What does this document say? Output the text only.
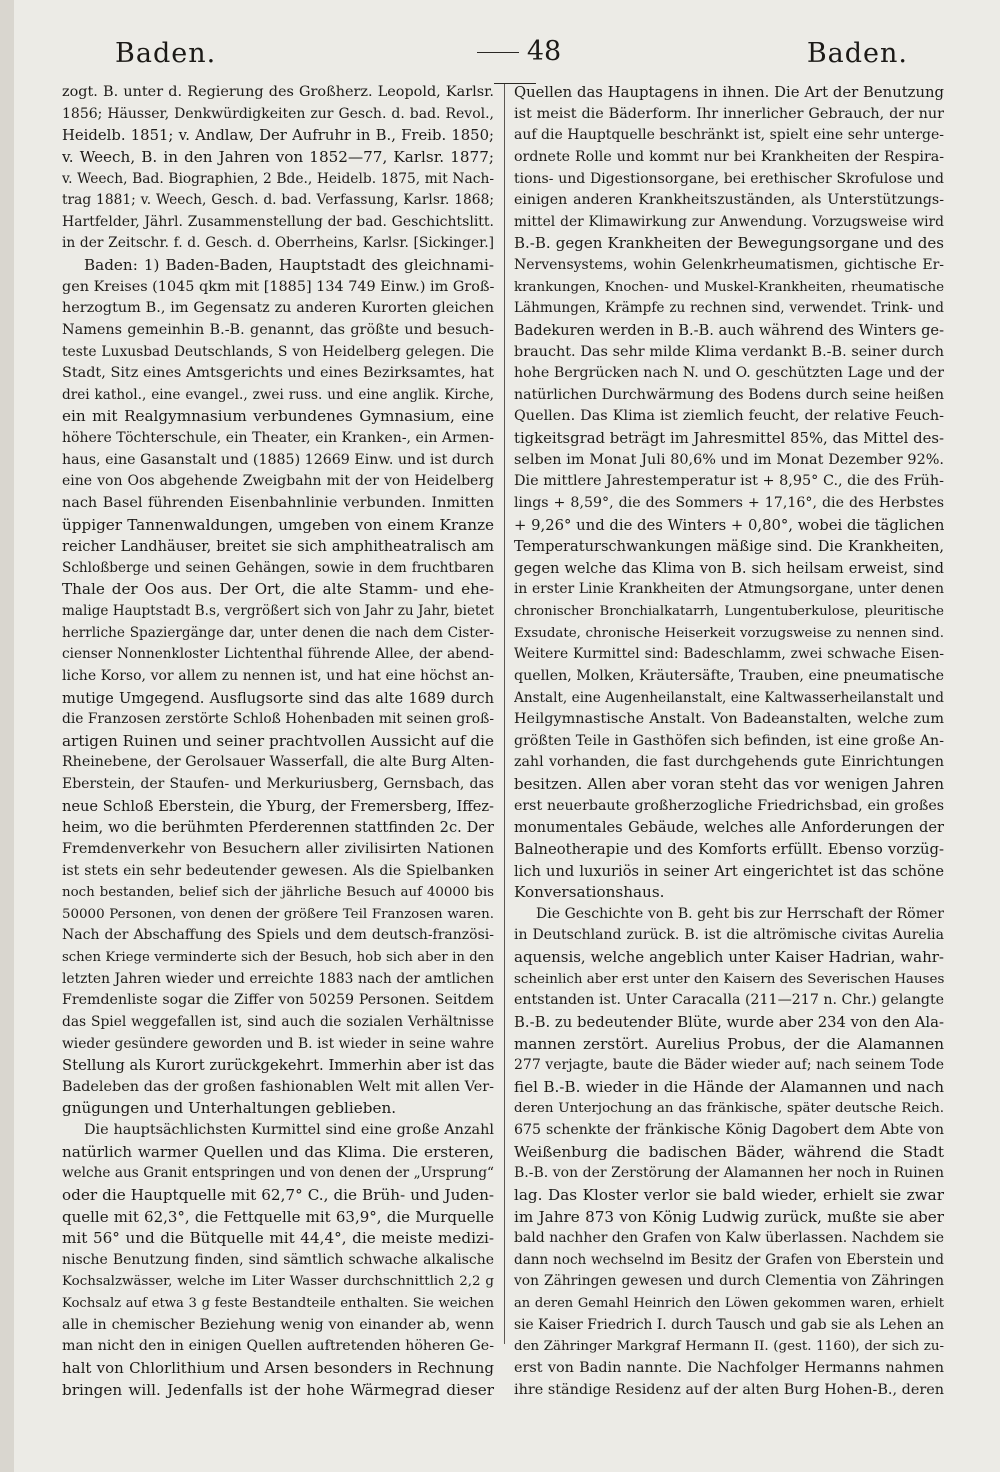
Baden.	48	Baden.
zogt. B. unter d. Regierung des Großherz. Leopold, Karlsr.
1856; Häusser, Denkwürdigkeiten zur Gesch. d. bad. Revol.,
Heidelb. 1851; v. Andlaw, Der Aufruhr in B., Freib. 1850;
v. Weech, B. in den Jahren von 1852—77, Karlsr. 1877;
v. Weech, Bad. Biographien, 2 Bde., Heidelb. 1875, mit Nach-
trag 1881; v. Weech, Gesch. d. bad. Verfassung, Karlsr. 1868;
Hartfelder, Jährl. Zusammenstellung der bad. Geschichtslitt.
in der Zeitschr. f. d. Gesch. d. Oberrheins, Karlsr. [Sickinger.]
Baden: 1) Baden-Baden, Hauptstadt des gleichnami-
gen Kreises (1045 qkm mit [1885] 134 749 Einw.) im Groß-
herzogtum B., im Gegensatz zu anderen Kurorten gleichen
Namens gemeinhin B.-B. genannt, das größte und besuch-
teste Luxusbad Deutschlands, S von Heidelberg gelegen. Die
Stadt, Sitz eines Amtsgerichts und eines Bezirksamtes, hat
drei kathol., eine evangel., zwei russ. und eine anglik. Kirche,
ein mit Realgymnasium verbundenes Gymnasium, eine
höhere Töchterschule, ein Theater, ein Kranken-, ein Armen-
haus, eine Gasanstalt und (1885) 12669 Einw. und ist durch
eine von Oos abgehende Zweigbahn mit der von Heidelberg
nach Basel führenden Eisenbahnlinie verbunden. Inmitten
üppiger Tannenwaldungen, umgeben von einem Kranze
reicher Landhäuser, breitet sie sich amphitheatralisch am
Schloßberge und seinen Gehängen, sowie in dem fruchtbaren
Thale der Oos aus. Der Ort, die alte Stamm- und ehe-
malige Hauptstadt B.s, vergrößert sich von Jahr zu Jahr, bietet
herrliche Spaziergänge dar, unter denen die nach dem Cister-
cienser Nonnenkloster Lichtenthal führende Allee, der abend-
liche Korso, vor allem zu nennen ist, und hat eine höchst an-
mutige Umgegend. Ausflugsorte sind das alte 1689 durch
die Franzosen zerstörte Schloß Hohenbaden mit seinen groß-
artigen Ruinen und seiner prachtvollen Aussicht auf die
Rheinebene, der Gerolsauer Wasserfall, die alte Burg Alten-
Eberstein, der Staufen- und Merkuriusberg, Gernsbach, das
neue Schloß Eberstein, die Yburg, der Fremersberg, Iffez-
heim, wo die berühmten Pferderennen stattfinden 2c. Der
Fremdenverkehr von Besuchern aller zivilisirten Nationen
ist stets ein sehr bedeutender gewesen. Als die Spielbanken
noch bestanden, belief sich der jährliche Besuch auf 40000 bis
50000 Personen, von denen der größere Teil Franzosen waren.
Nach der Abschaffung des Spiels und dem deutsch-französi-
schen Kriege verminderte sich der Besuch, hob sich aber in den
letzten Jahren wieder und erreichte 1883 nach der amtlichen
Fremdenliste sogar die Ziffer von 50259 Personen. Seitdem
das Spiel weggefallen ist, sind auch die sozialen Verhältnisse
wieder gesündere geworden und B. ist wieder in seine wahre
Stellung als Kurort zurückgekehrt. Immerhin aber ist das
Badeleben das der großen fashionablen Welt mit allen Ver-
gnügungen und Unterhaltungen geblieben.
Die hauptsächlichsten Kurmittel sind eine große Anzahl
natürlich warmer Quellen und das Klima. Die ersteren,
welche aus Granit entspringen und von denen der „Ursprung“
oder die Hauptquelle mit 62,7° C., die Brüh- und Juden-
quelle mit 62,3°, die Fettquelle mit 63,9°, die Murquelle
mit 56° und die Bütquelle mit 44,4°, die meiste medizi-
nische Benutzung finden, sind sämtlich schwache alkalische
Kochsalzwässer, welche im Liter Wasser durchschnittlich 2,2 g
Kochsalz auf etwa 3 g feste Bestandteile enthalten. Sie weichen
alle in chemischer Beziehung wenig von einander ab, wenn
man nicht den in einigen Quellen auftretenden höheren Ge-
halt von Chlorlithium und Arsen besonders in Rechnung
bringen will. Jedenfalls ist der hohe Wärmegrad dieser
Quellen das Hauptagens in ihnen. Die Art der Benutzung
ist meist die Bäderform. Ihr innerlicher Gebrauch, der nur
auf die Hauptquelle beschränkt ist, spielt eine sehr unterge-
ordnete Rolle und kommt nur bei Krankheiten der Respira-
tions- und Digestionsorgane, bei erethischer Skrofulose und
einigen anderen Krankheitszuständen, als Unterstützungs-
mittel der Klimawirkung zur Anwendung. Vorzugsweise wird
B.-B. gegen Krankheiten der Bewegungsorgane und des
Nervensystems, wohin Gelenkrheumatismen, gichtische Er-
krankungen, Knochen- und Muskel-Krankheiten, rheumatische
Lähmungen, Krämpfe zu rechnen sind, verwendet. Trink- und
Badekuren werden in B.-B. auch während des Winters ge-
braucht. Das sehr milde Klima verdankt B.-B. seiner durch
hohe Bergrücken nach N. und O. geschützten Lage und der
natürlichen Durchwärmung des Bodens durch seine heißen
Quellen. Das Klima ist ziemlich feucht, der relative Feuch-
tigkeitsgrad beträgt im Jahresmittel 85%, das Mittel des-
selben im Monat Juli 80,6% und im Monat Dezember 92%.
Die mittlere Jahrestemperatur ist + 8,95° C., die des Früh-
lings + 8,59°, die des Sommers + 17,16°, die des Herbstes
+ 9,26° und die des Winters + 0,80°, wobei die täglichen
Temperaturschwankungen mäßige sind. Die Krankheiten,
gegen welche das Klima von B. sich heilsam erweist, sind
in erster Linie Krankheiten der Atmungsorgane, unter denen
chronischer Bronchialkatarrh, Lungentuberkulose, pleuritische
Exsudate, chronische Heiserkeit vorzugsweise zu nennen sind.
Weitere Kurmittel sind: Badeschlamm, zwei schwache Eisen-
quellen, Molken, Kräutersäfte, Trauben, eine pneumatische
Anstalt, eine Augenheilanstalt, eine Kaltwasserheilanstalt und
Heilgymnastische Anstalt. Von Badeanstalten, welche zum
größten Teile in Gasthöfen sich befinden, ist eine große An-
zahl vorhanden, die fast durchgehends gute Einrichtungen
besitzen. Allen aber voran steht das vor wenigen Jahren
erst neuerbaute großherzogliche Friedrichsbad, ein großes
monumentales Gebäude, welches alle Anforderungen der
Balneotherapie und des Komforts erfüllt. Ebenso vorzüg-
lich und luxuriös in seiner Art eingerichtet ist das schöne
Konversationshaus.
Die Geschichte von B. geht bis zur Herrschaft der Römer
in Deutschland zurück. B. ist die altrömische civitas Aurelia
aquensis, welche angeblich unter Kaiser Hadrian, wahr-
scheinlich aber erst unter den Kaisern des Severischen Hauses
entstanden ist. Unter Caracalla (211—217 n. Chr.) gelangte
B.-B. zu bedeutender Blüte, wurde aber 234 von den Ala-
mannen zerstört. Aurelius Probus, der die Alamannen
277 verjagte, baute die Bäder wieder auf; nach seinem Tode
fiel B.-B. wieder in die Hände der Alamannen und nach
deren Unterjochung an das fränkische, später deutsche Reich.
675 schenkte der fränkische König Dagobert dem Abte von
Weißenburg die badischen Bäder, während die Stadt
B.-B. von der Zerstörung der Alamannen her noch in Ruinen
lag. Das Kloster verlor sie bald wieder, erhielt sie zwar
im Jahre 873 von König Ludwig zurück, mußte sie aber
bald nachher den Grafen von Kalw überlassen. Nachdem sie
dann noch wechselnd im Besitz der Grafen von Eberstein und
von Zähringen gewesen und durch Clementia von Zähringen
an deren Gemahl Heinrich den Löwen gekommen waren, erhielt
sie Kaiser Friedrich I. durch Tausch und gab sie als Lehen an
den Zähringer Markgraf Hermann II. (gest. 1160), der sich zu-
erst von Badin nannte. Die Nachfolger Hermanns nahmen
ihre ständige Residenz auf der alten Burg Hohen-B., deren
